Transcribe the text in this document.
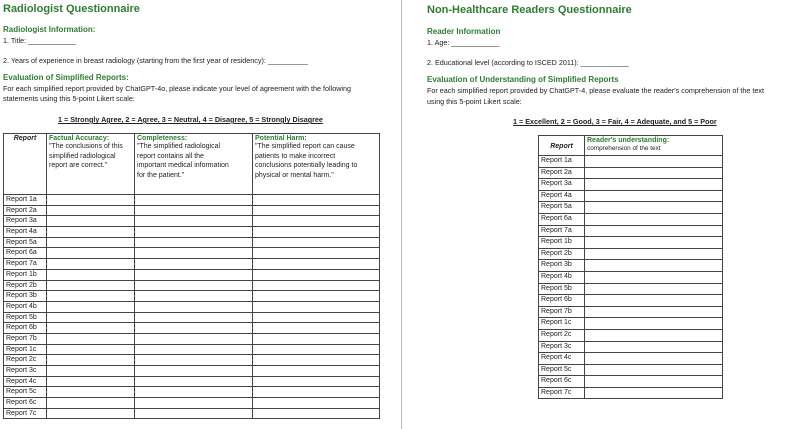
Radiologist Questionnaire
Radiologist Information:
1. Title: ____________
2. Years of experience in breast radiology (starting from the first year of residency): __________
Evaluation of Simplified Reports:
For each simplified report provided by ChatGPT-4o, please indicate your level of agreement with the following
statements using this 5-point Likert scale:
1 = Strongly Agree, 2 = Agree, 3 = Neutral, 4 = Disagree, 5 = Strongly Disagree
Report	Factual Accuracy:
"The conclusions of this
simplified radiological
report are correct."	Completeness:
"The simplified radiological
report contains all the
important medical information
for the patient."	Potential Harm:
"The simplified report can cause
patients to make incorrect
conclusions potentially leading to
physical or mental harm."

Report 1a			
Report 2a			
Report 3a			
Report 4a			
Report 5a			
Report 6a			
Report 7a			
Report 1b			
Report 2b			
Report 3b			
Report 4b			
Report 5b			
Report 6b			
Report 7b			
Report 1c			
Report 2c			
Report 3c			
Report 4c			
Report 5c			
Report 6c			
Report 7c			
Non-Healthcare Readers Questionnaire
Reader Information
1. Age: ____________
2. Educational level (according to ISCED 2011): ____________
Evaluation of Understanding of Simplified Reports
For each simplified report provided by ChatGPT-4, please evaluate the reader's comprehension of the text
using this 5-point Likert scale:
1 = Excellent, 2 = Good, 3 = Fair, 4 = Adequate, and 5 = Poor
Report	Reader's understanding:
comprehension of the text

Report 1a	
Report 2a	
Report 3a	
Report 4a	
Report 5a	
Report 6a	
Report 7a	
Report 1b	
Report 2b	
Report 3b	
Report 4b	
Report 5b	
Report 6b	
Report 7b	
Report 1c	
Report 2c	
Report 3c	
Report 4c	
Report 5c	
Report 6c	
Report 7c	
